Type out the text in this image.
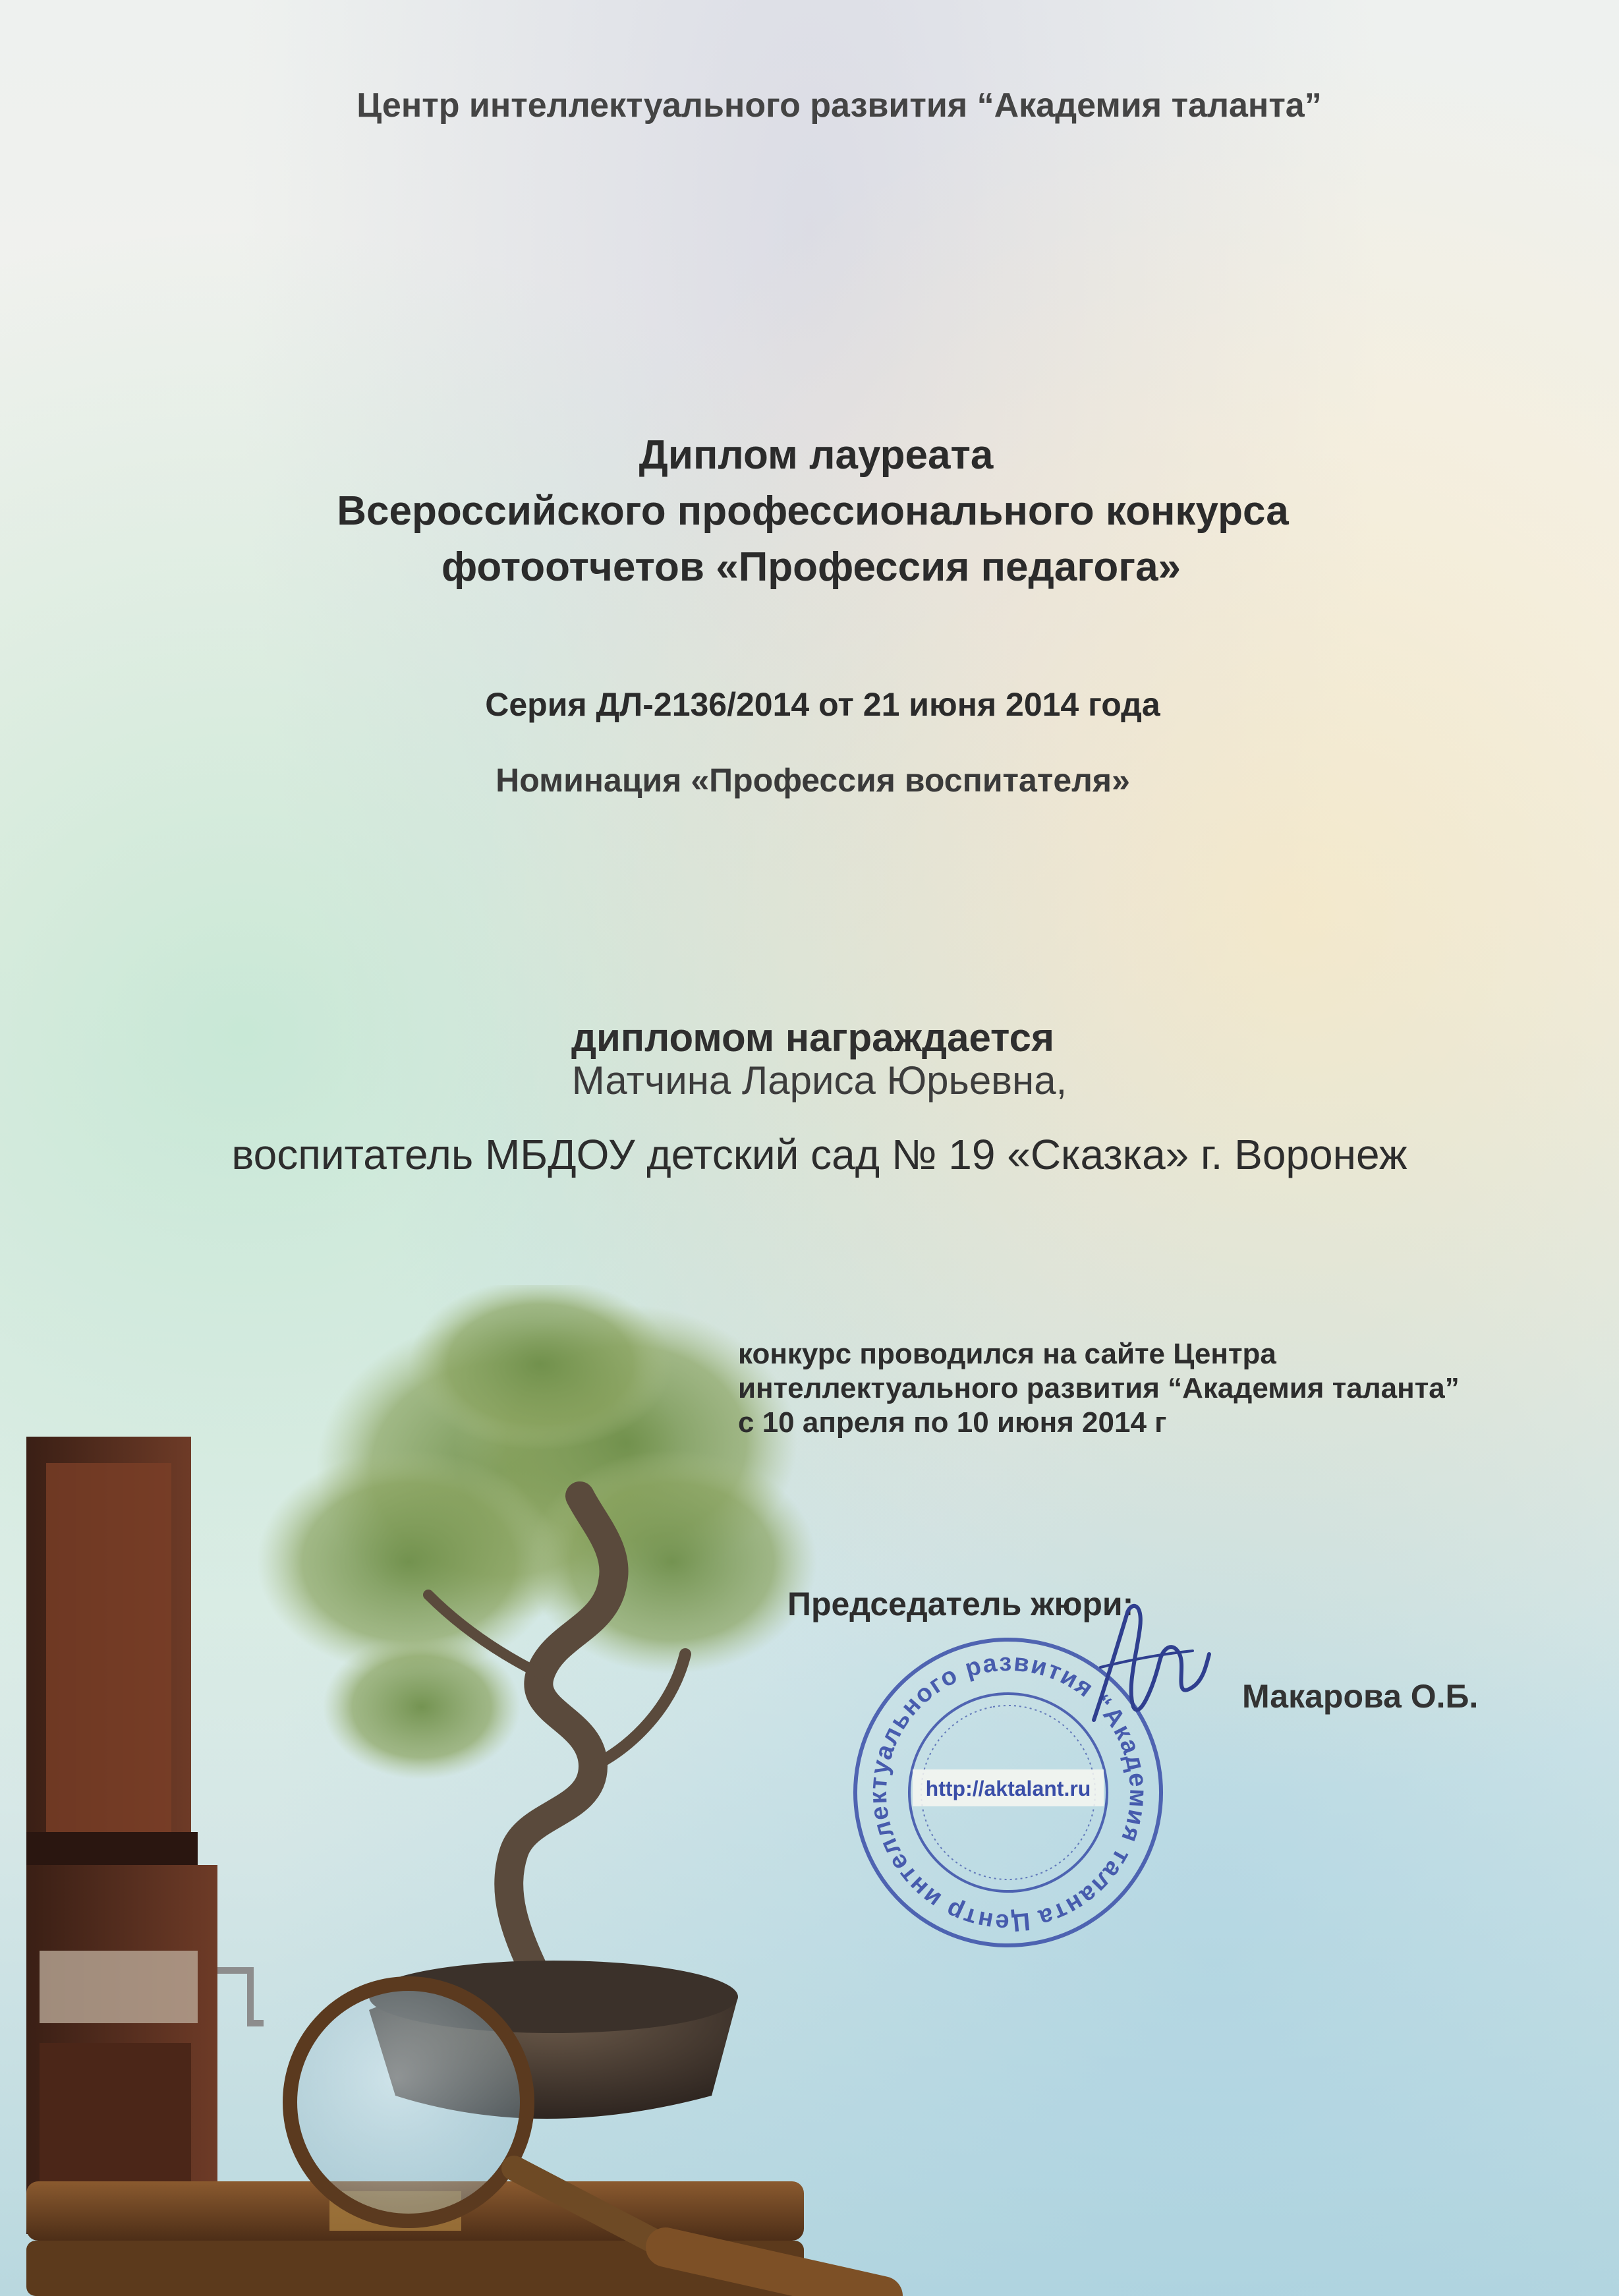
Центр интеллектуального развития “Академия таланта”
Диплом лауреата
Всероссийского профессионального конкурса
фотоотчетов «Профессия педагога»
Серия ДЛ-2136/2014 от 21 июня 2014 года
Номинация «Профессия воспитателя»
дипломом награждается
Матчина Лариса Юрьевна,
воспитатель МБДОУ детский сад № 19 «Сказка» г. Воронеж
конкурс проводился на сайте Центра
интеллектуального развития “Академия таланта”
с 10 апреля по 10 июня 2014 г
Председатель жюри:
Макарова О.Б.
Центр интеллектуального развития “Академия таланта”
http://aktalant.ru
